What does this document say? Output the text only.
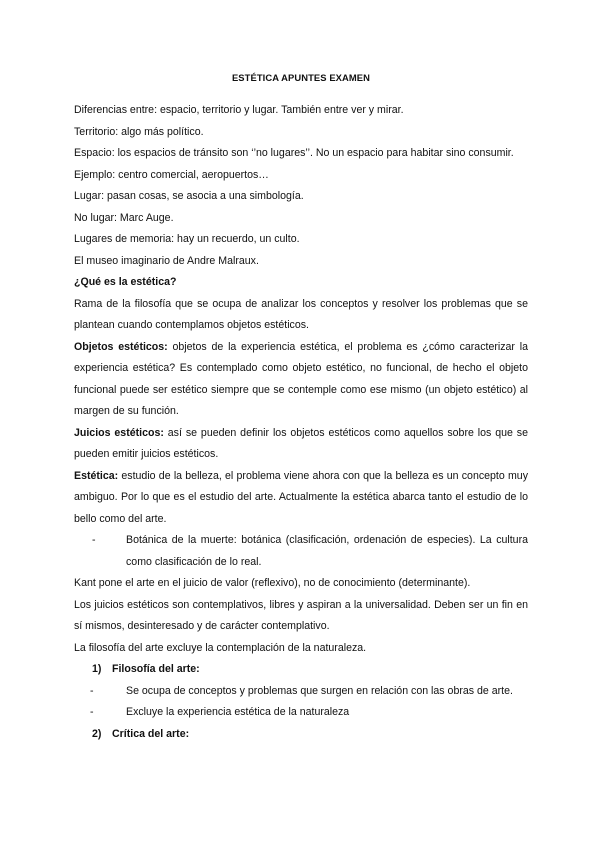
ESTÉTICA APUNTES EXAMEN

Diferencias entre: espacio, territorio y lugar. También entre ver y mirar.

Territorio: algo más político.

Espacio: los espacios de tránsito son ‘’no lugares’’. No un espacio para habitar sino consumir.

Ejemplo: centro comercial, aeropuertos…

Lugar: pasan cosas, se asocia a una simbología.

No lugar: Marc Auge.

Lugares de memoria: hay un recuerdo, un culto.

El museo imaginario de Andre Malraux.

¿Qué es la estética?

Rama de la filosofía que se ocupa de analizar los conceptos y resolver los problemas que se plantean cuando contemplamos objetos estéticos.

Objetos estéticos: objetos de la experiencia estética, el problema es ¿cómo caracterizar la experiencia estética? Es contemplado como objeto estético, no funcional, de hecho el objeto funcional puede ser estético siempre que se contemple como ese mismo (un objeto estético) al margen de su función.

Juicios estéticos: así se pueden definir los objetos estéticos como aquellos sobre los que se pueden emitir juicios estéticos.

Estética: estudio de la belleza, el problema viene ahora con que la belleza es un concepto muy ambiguo. Por lo que es el estudio del arte. Actualmente la estética abarca tanto el estudio de lo bello como del arte.

-	Botánica de la muerte: botánica (clasificación, ordenación de especies). La cultura como clasificación de lo real.

Kant pone el arte en el juicio de valor (reflexivo), no de conocimiento (determinante).

Los juicios estéticos son contemplativos, libres y aspiran a la universalidad. Deben ser un fin en sí mismos, desinteresado y de carácter contemplativo.

La filosofía del arte excluye la contemplación de la naturaleza.

1) Filosofía del arte:

-	Se ocupa de conceptos y problemas que surgen en relación con las obras de arte.

-	Excluye la experiencia estética de la naturaleza

2) Crítica del arte:
